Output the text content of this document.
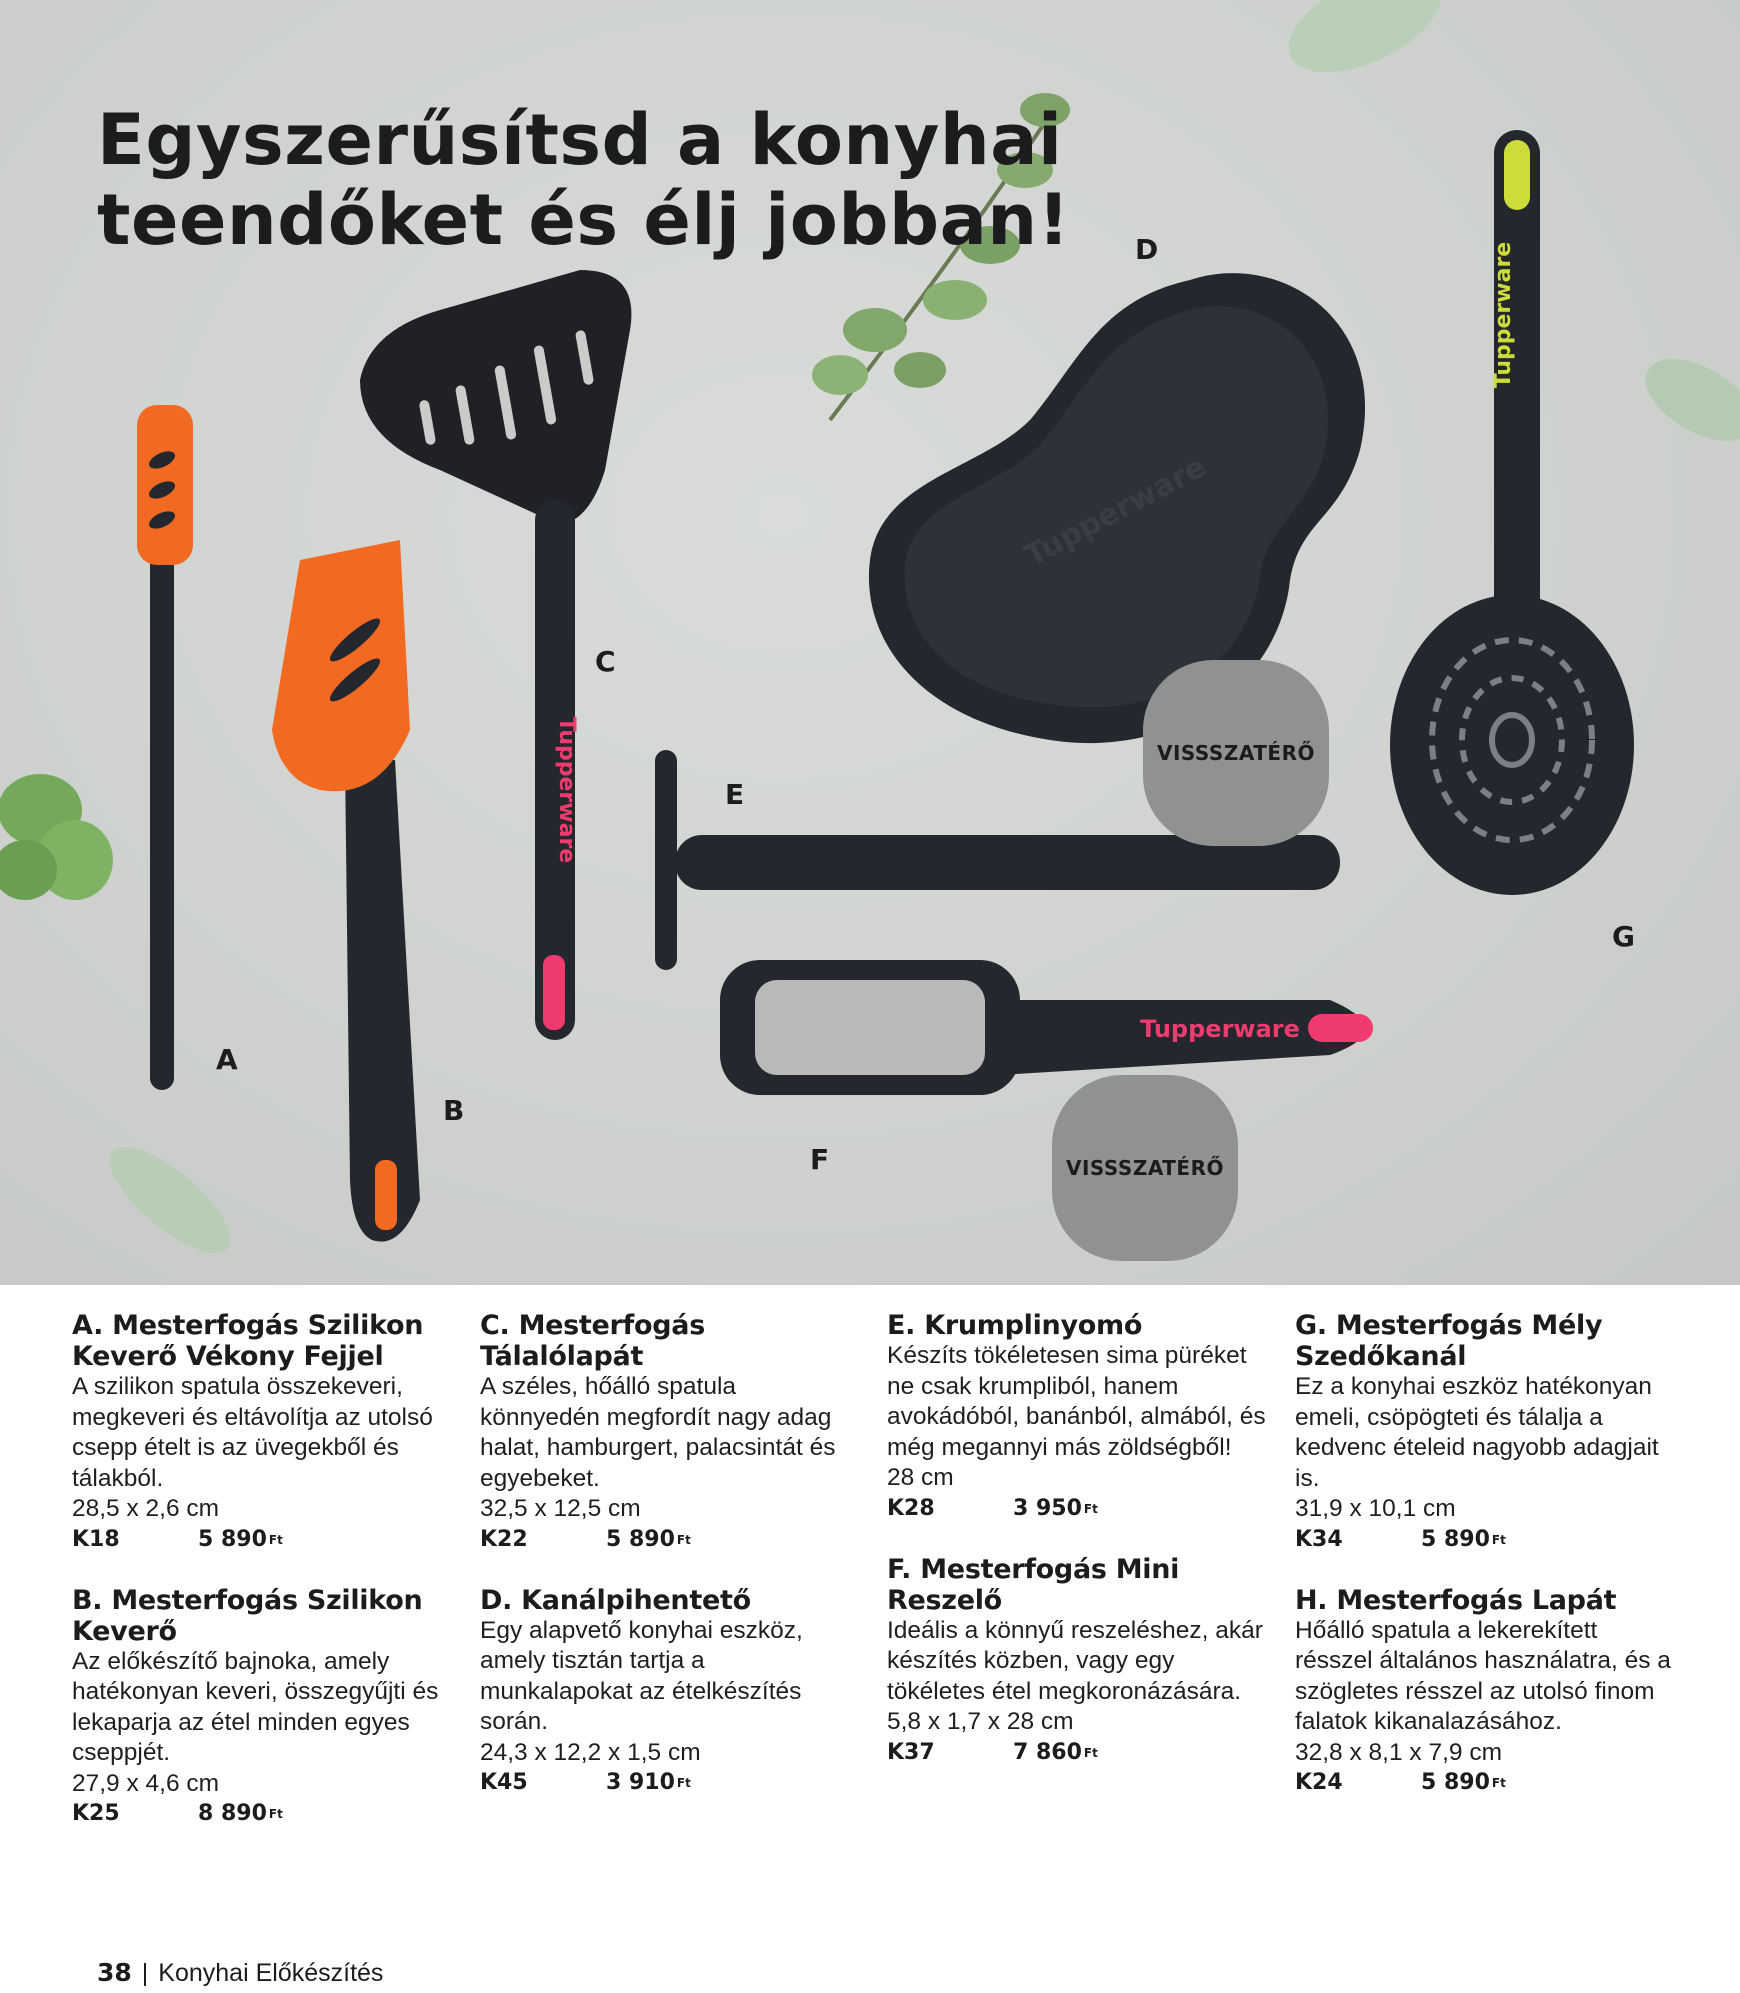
Tupperware
Tupperware
Tupperware
Tupperware
Egyszerűsítsd a konyhai
teendőket és élj jobban!
A
B
C
D
E
F
G
VISSSZATÉRŐ
VISSSZATÉRŐ
A. Mesterfogás Szilikon Keverő Vékony Fejjel

A szilikon spatula összekeveri, megkeveri és eltávolítja az utolsó csepp ételt is az üvegekből és tálakból.

28,5 x 2,6 cm

K18	5 890 Ft
B. Mesterfogás Szilikon Keverő

Az előkészítő bajnoka, amely hatékonyan keveri, összegyűjti és lekaparja az étel minden egyes cseppjét.

27,9 x 4,6 cm

K25	8 890 Ft
C. Mesterfogás Tálalólapát

A széles, hőálló spatula könnyedén megfordít nagy adag halat, hamburgert, palacsintát és egyebeket.

32,5 x 12,5 cm

K22	5 890 Ft
D. Kanálpihentető

Egy alapvető konyhai eszköz, amely tisztán tartja a munkalapokat az ételkészítés során.

24,3 x 12,2 x 1,5 cm

K45	3 910 Ft
E. Krumplinyomó

Készíts tökéletesen sima püréket ne csak krumpliból, hanem avokádóból, banánból, almából, és még megannyi más zöldségből!

28 cm

K28	3 950 Ft
F. Mesterfogás Mini Reszelő

Ideális a könnyű reszeléshez, akár készítés közben, vagy egy tökéletes étel megkoronázására.

5,8 x 1,7 x 28 cm

K37	7 860 Ft
G. Mesterfogás Mély Szedőkanál

Ez a konyhai eszköz hatékonyan emeli, csöpögteti és tálalja a kedvenc ételeid nagyobb adagjait is.

31,9 x 10,1 cm

K34	5 890 Ft
H. Mesterfogás Lapát

Hőálló spatula a lekerekített résszel általános használatra, és a szögletes résszel az utolsó finom falatok kikanalazásához.

32,8 x 8,1 x 7,9 cm

K24	5 890 Ft
38 | Konyhai Előkészítés
